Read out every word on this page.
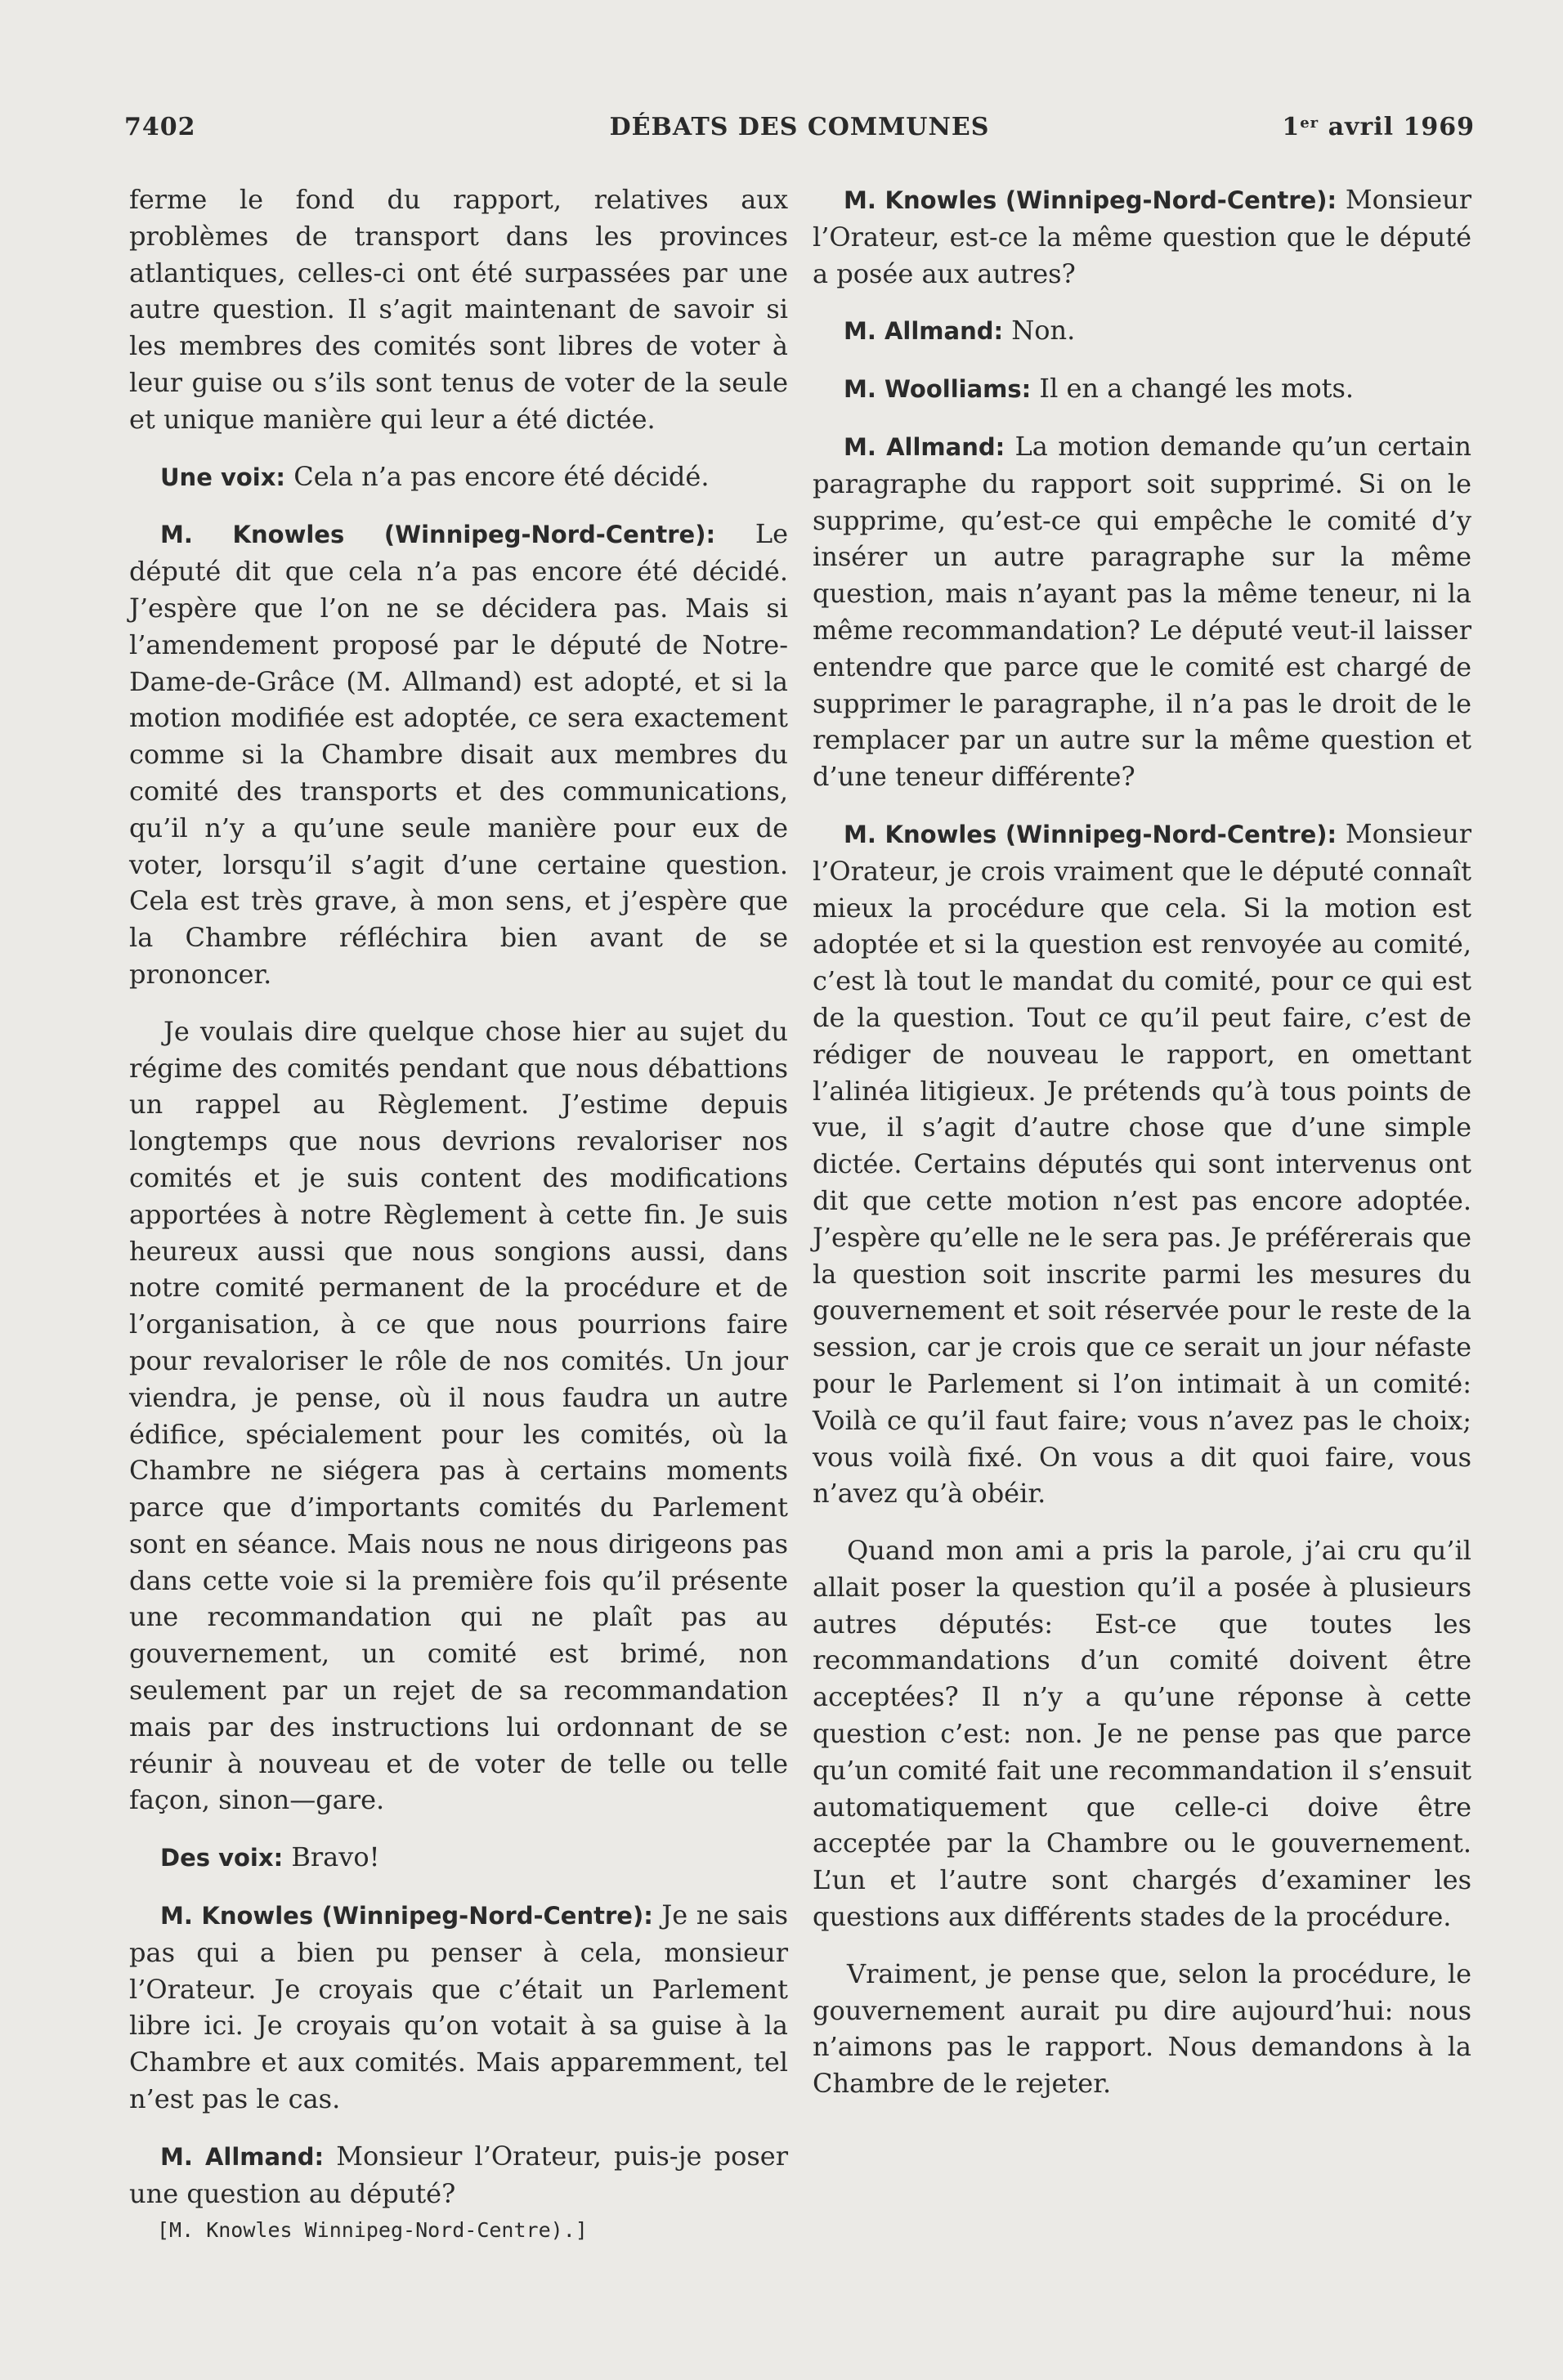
7402	DÉBATS DES COMMUNES	1er avril 1969

ferme le fond du rapport, relatives aux problèmes de transport dans les provinces atlantiques, celles-ci ont été surpassées par une autre question. Il s’agit maintenant de savoir si les membres des comités sont libres de voter à leur guise ou s’ils sont tenus de voter de la seule et unique manière qui leur a été dictée.

Une voix: Cela n’a pas encore été décidé.

M. Knowles (Winnipeg-Nord-Centre): Le député dit que cela n’a pas encore été décidé. J’espère que l’on ne se décidera pas. Mais si l’amendement proposé par le député de Notre-Dame-de-Grâce (M. Allmand) est adopté, et si la motion modifiée est adoptée, ce sera exactement comme si la Chambre disait aux membres du comité des transports et des communications, qu’il n’y a qu’une seule manière pour eux de voter, lorsqu’il s’agit d’une certaine question. Cela est très grave, à mon sens, et j’espère que la Chambre réfléchira bien avant de se prononcer.

Je voulais dire quelque chose hier au sujet du régime des comités pendant que nous débattions un rappel au Règlement. J’estime depuis longtemps que nous devrions revaloriser nos comités et je suis content des modifications apportées à notre Règlement à cette fin. Je suis heureux aussi que nous songions aussi, dans notre comité permanent de la procédure et de l’organisation, à ce que nous pourrions faire pour revaloriser le rôle de nos comités. Un jour viendra, je pense, où il nous faudra un autre édifice, spécialement pour les comités, où la Chambre ne siégera pas à certains moments parce que d’importants comités du Parlement sont en séance. Mais nous ne nous dirigeons pas dans cette voie si la première fois qu’il présente une recommandation qui ne plaît pas au gouvernement, un comité est brimé, non seulement par un rejet de sa recommandation mais par des instructions lui ordonnant de se réunir à nouveau et de voter de telle ou telle façon, sinon—gare.

Des voix: Bravo!

M. Knowles (Winnipeg-Nord-Centre): Je ne sais pas qui a bien pu penser à cela, monsieur l’Orateur. Je croyais que c’était un Parlement libre ici. Je croyais qu’on votait à sa guise à la Chambre et aux comités. Mais apparemment, tel n’est pas le cas.

M. Allmand: Monsieur l’Orateur, puis-je poser une question au député?

[M. Knowles Winnipeg-Nord-Centre).]

M. Knowles (Winnipeg-Nord-Centre): Monsieur l’Orateur, est-ce la même question que le député a posée aux autres?

M. Allmand: Non.

M. Woolliams: Il en a changé les mots.

M. Allmand: La motion demande qu’un certain paragraphe du rapport soit supprimé. Si on le supprime, qu’est-ce qui empêche le comité d’y insérer un autre paragraphe sur la même question, mais n’ayant pas la même teneur, ni la même recommandation? Le député veut-il laisser entendre que parce que le comité est chargé de supprimer le paragraphe, il n’a pas le droit de le remplacer par un autre sur la même question et d’une teneur différente?

M. Knowles (Winnipeg-Nord-Centre): Monsieur l’Orateur, je crois vraiment que le député connaît mieux la procédure que cela. Si la motion est adoptée et si la question est renvoyée au comité, c’est là tout le mandat du comité, pour ce qui est de la question. Tout ce qu’il peut faire, c’est de rédiger de nouveau le rapport, en omettant l’alinéa litigieux. Je prétends qu’à tous points de vue, il s’agit d’autre chose que d’une simple dictée. Certains députés qui sont intervenus ont dit que cette motion n’est pas encore adoptée. J’espère qu’elle ne le sera pas. Je préférerais que la question soit inscrite parmi les mesures du gouvernement et soit réservée pour le reste de la session, car je crois que ce serait un jour néfaste pour le Parlement si l’on intimait à un comité: Voilà ce qu’il faut faire; vous n’avez pas le choix; vous voilà fixé. On vous a dit quoi faire, vous n’avez qu’à obéir.

Quand mon ami a pris la parole, j’ai cru qu’il allait poser la question qu’il a posée à plusieurs autres députés: Est-ce que toutes les recommandations d’un comité doivent être acceptées? Il n’y a qu’une réponse à cette question c’est: non. Je ne pense pas que parce qu’un comité fait une recommandation il s’ensuit automatiquement que celle-ci doive être acceptée par la Chambre ou le gouvernement. L’un et l’autre sont chargés d’examiner les questions aux différents stades de la procédure.

Vraiment, je pense que, selon la procédure, le gouvernement aurait pu dire aujourd’hui: nous n’aimons pas le rapport. Nous demandons à la Chambre de le rejeter.
